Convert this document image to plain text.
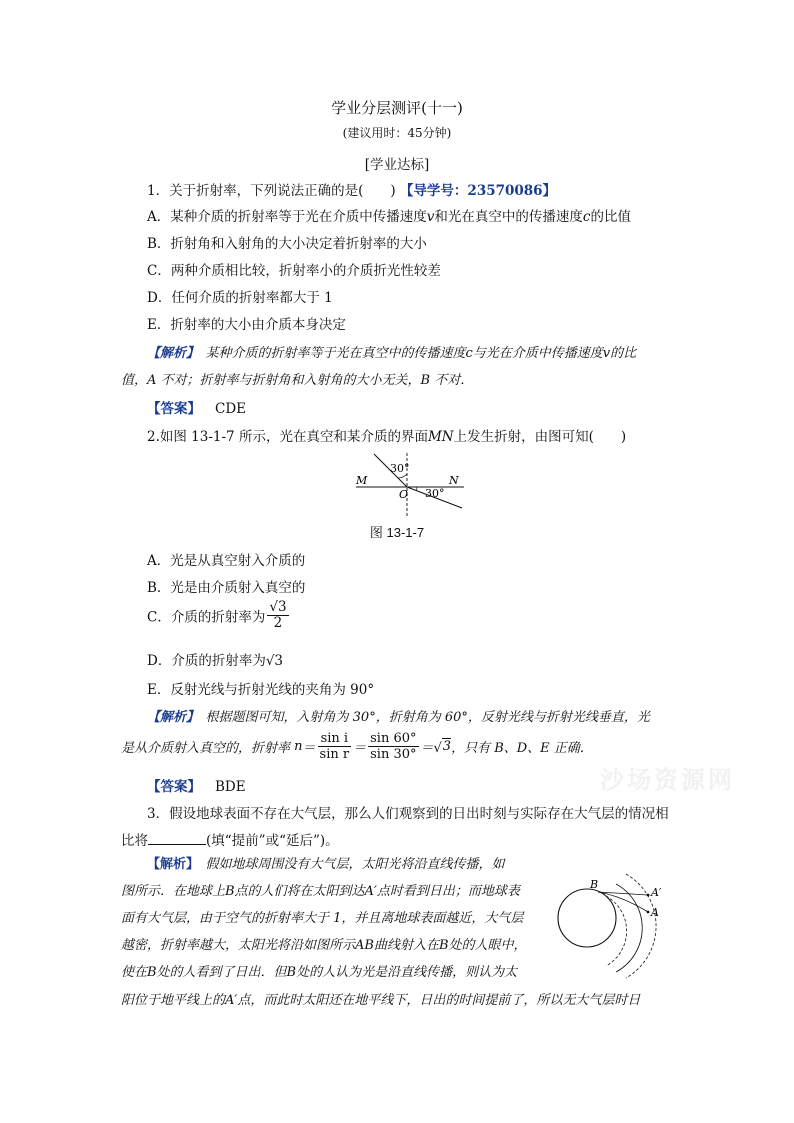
学业分层测评(十一)
(建议用时：45分钟)
[学业达标]
1．关于折射率，下列说法正确的是(　　) 【导学号：23570086】
A．某种介质的折射率等于光在介质中传播速度v和光在真空中的传播速度c的比值
B．折射角和入射角的大小决定着折射率的大小
C．两种介质相比较，折射率小的介质折光性较差
D．任何介质的折射率都大于 1
E．折射率的大小由介质本身决定
【解析】　某种介质的折射率等于光在真空中的传播速度c与光在介质中传播速度v的比
值，A 不对；折射率与折射角和入射角的大小无关，B 不对．
【答案】 CDE
2.如图 13-1-7 所示，光在真空和某介质的界面MN上发生折射，由图可知(　　)
30°
30°
M	N
O
图 13-1-7
A．光是从真空射入介质的
B．光是由介质射入真空的
C．介质的折射率为 $\frac{√3}{2}$
D．介质的折射率为√3
E．反射光线与折射光线的夹角为 90°
【解析】　根据题图可知，入射角为 30°，折射角为 60°，反射光线与折射光线垂直，光
是从介质射入真空的，折射率 $n= \frac{\text{sin i}}{\text{sin r}} = \frac{\sin 60^\circ}{\sin 30^\circ} =√3$，只有 B、D、E 正确．
【答案】 BDE	沙场资源网
3．假设地球表面不存在大气层，那么人们观察到的日出时刻与实际存在大气层的情况相
比将	(填“提前”或“延后”)。
【解析】　假如地球周围没有大气层，太阳光将沿直线传播，如
图所示．在地球上B点的人们将在太阳到达A′点时看到日出；而地球表
面有大气层，由于空气的折射率大于 1，并且离地球表面越近，大气层
越密，折射率越大，太阳光将沿如图所示AB曲线射入在B处的人眼中，
使在B处的人看到了日出．但B处的人认为光是沿直线传播，则认为太
阳位于地平线上的A′点，而此时太阳还在地平线下，日出的时间提前了，所以无大气层时日
B
A′
A
